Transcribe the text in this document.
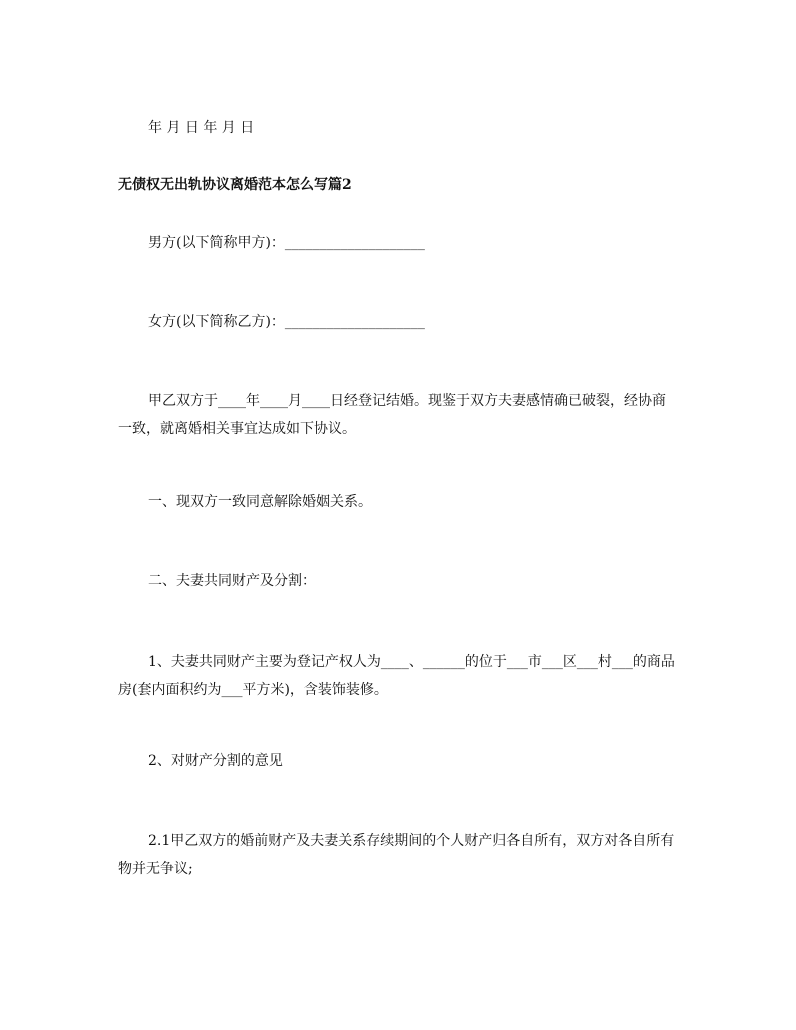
年 月 日 年 月 日
无债权无出轨协议离婚范本怎么写篇2
男方(以下简称甲方)：____________________
女方(以下简称乙方)：____________________
甲乙双方于____年____月____日经登记结婚。现鉴于双方夫妻感情确已破裂，经协商一致，就离婚相关事宜达成如下协议。
一、现双方一致同意解除婚姻关系。
二、夫妻共同财产及分割：
1、夫妻共同财产主要为登记产权人为____、______的位于___市___区___村___的商品房(套内面积约为___平方米)，含装饰装修。
2、对财产分割的意见
2.1甲乙双方的婚前财产及夫妻关系存续期间的个人财产归各自所有，双方对各自所有物并无争议;
